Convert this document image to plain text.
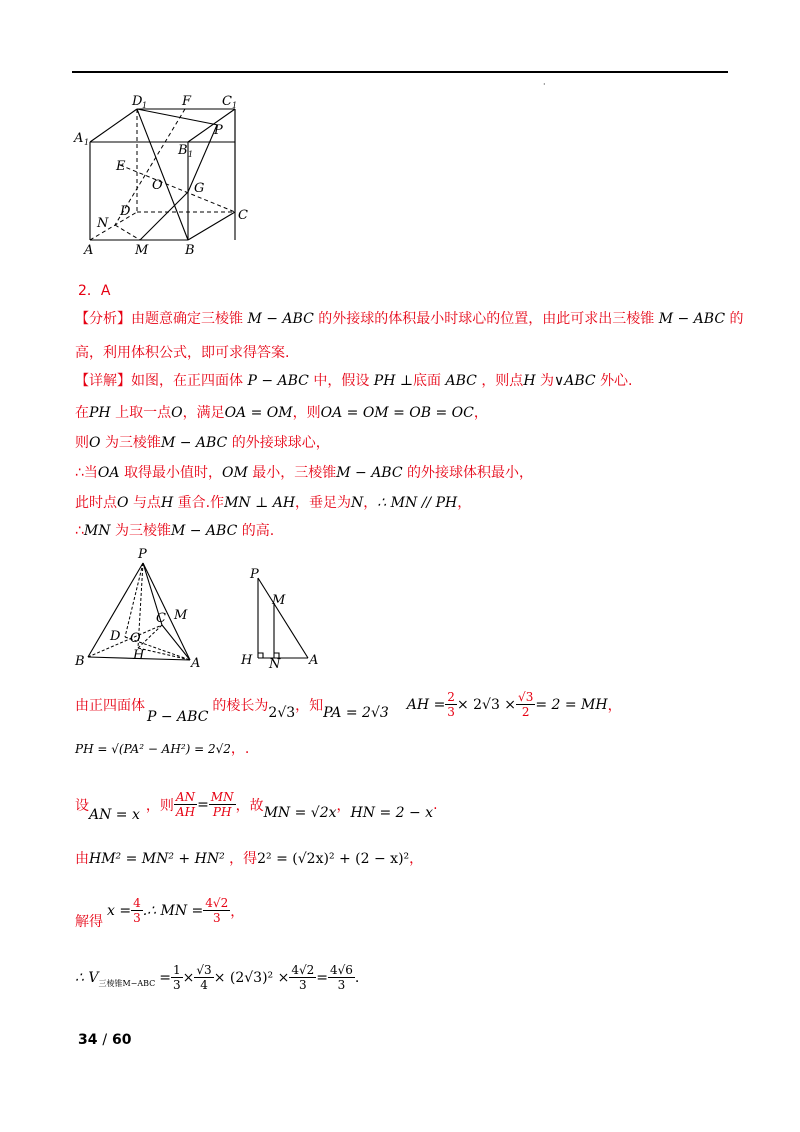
·
D 1	F C 1
A 1
P
B 1
E
O G
D	C
N
A	M	B
2．A
【分析】由题意确定三棱锥 M − ABC 的外接球的体积最小时球心的位置，由此可求出三棱锥 M − ABC 的
高，利用体积公式，即可求得答案.
【详解】如图，在正四面体 P − ABC 中，假设 PH ⊥底面 ABC ，则点H 为∨ABC 外心.
在PH 上取一点O，满足OA = OM，则OA = OM = OB = OC，
则O 为三棱锥M − ABC 的外接球球心，
∴当OA 取得最小值时，OM 最小，三棱锥M − ABC 的外接球体积最小，
此时点O 与点H 重合.作MN ⊥ AH，垂足为N，∴ MN // PH，
∴MN 为三棱锥M − ABC 的高.
P
C M
D O
H
B	A
P
M
H N A
由正四面体
P − ABC
的棱长为 2√3 ，知 PA = 2√3 AH = $\frac{2}{3} \times 2√3 \times \frac{√3}{2} = 2$ = MH ，
PH = √(PA² − AH²) = 2√2，.
设
AN = x
，则 $\frac{AN}{AH} = \frac{MN}{PH}$ ，故 MN = √2x ， HN = 2 − x .
由HM² = MN² + HN² ，得2² = (√2x)² + (2 − x)²，
解得
$x = \frac{4}{3}$ .∴ MN = $\frac{4√2}{3}$ ，
∴ V 三棱锥$M-ABC = \frac{1}{3} \times \frac{√3}{4} \times (2√3)^2 \times \frac{4√2}{3} = \frac{4√6}{3}$ .
34 / 60
